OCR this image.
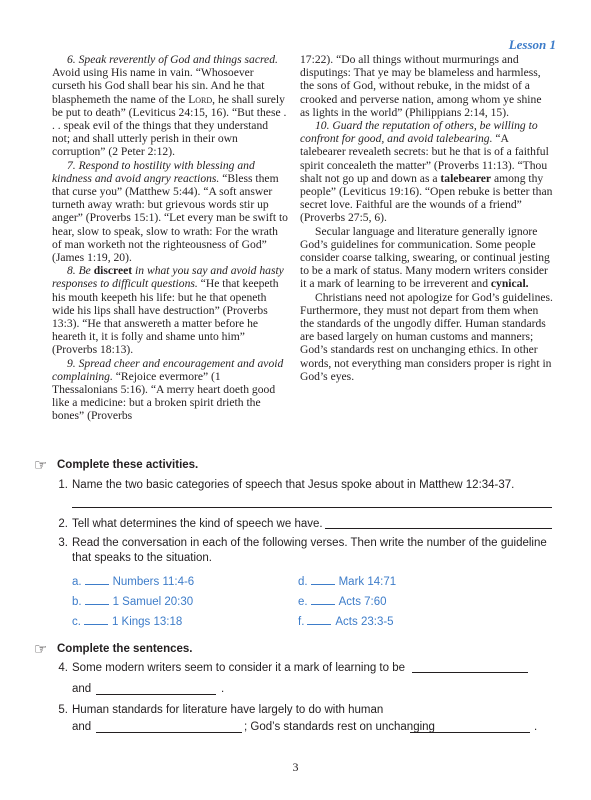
Lesson 1

6. Speak reverently of God and things sacred. Avoid using His name in vain. “Whosoever curseth his God shall bear his sin. And he that blasphemeth the name of the Lord, he shall surely be put to death” (Leviticus 24:15, 16). “But these . . . speak evil of the things that they understand not; and shall utterly perish in their own corruption” (2 Peter 2:12).

7. Respond to hostility with blessing and kindness and avoid angry reactions. “Bless them that curse you” (Matthew 5:44). “A soft answer turneth away wrath: but grievous words stir up anger” (Proverbs 15:1). “Let every man be swift to hear, slow to speak, slow to wrath: For the wrath of man worketh not the righteousness of God” (James 1:19, 20).

8. Be discreet in what you say and avoid hasty responses to difficult questions. “He that keepeth his mouth keepeth his life: but he that openeth wide his lips shall have destruction” (Proverbs 13:3). “He that answereth a matter before he heareth it, it is folly and shame unto him” (Proverbs 18:13).

9. Spread cheer and encouragement and avoid complaining. “Rejoice evermore” (1 Thessalonians 5:16). “A merry heart doeth good like a medicine: but a broken spirit drieth the bones” (Proverbs

17:22). “Do all things without murmurings and disputings: That ye may be blameless and harmless, the sons of God, without rebuke, in the midst of a crooked and perverse nation, among whom ye shine as lights in the world” (Philippians 2:14, 15).

10. Guard the reputation of others, be willing to confront for good, and avoid talebearing. “A talebearer revealeth secrets: but he that is of a faithful spirit concealeth the matter” (Proverbs 11:13). “Thou shalt not go up and down as a talebearer among thy people” (Leviticus 19:16). “Open rebuke is better than secret love. Faithful are the wounds of a friend” (Proverbs 27:5, 6).

Secular language and literature generally ignore God’s guidelines for communication. Some people consider coarse talking, swearing, or continual jesting to be a mark of status. Many modern writers consider it a mark of learning to be irreverent and cynical.

Christians need not apologize for God’s guidelines. Furthermore, they must not depart from them when the standards of the ungodly differ. Human standards are based largely on human customs and manners; God’s standards rest on unchanging ethics. In other words, not everything man considers proper is right in God’s eyes.

☞ Complete these activities.
1. Name the two basic categories of speech that Jesus spoke about in Matthew 12:34-37.
2. Tell what determines the kind of speech we have.
3. Read the conversation in each of the following verses. Then write the number of the guideline
that speaks to the situation.
a.	Numbers 11:4-6
b.	1 Samuel 20:30
c.	1 Kings 13:18
d.	Mark 14:71
e.	Acts 7:60
f.	Acts 23:3-5
☞ Complete the sentences.
4. Some modern writers seem to consider it a mark of learning to be
and	.
5. Human standards for literature have largely to do with human
and	; God’s standards rest on unchanging	.
3
